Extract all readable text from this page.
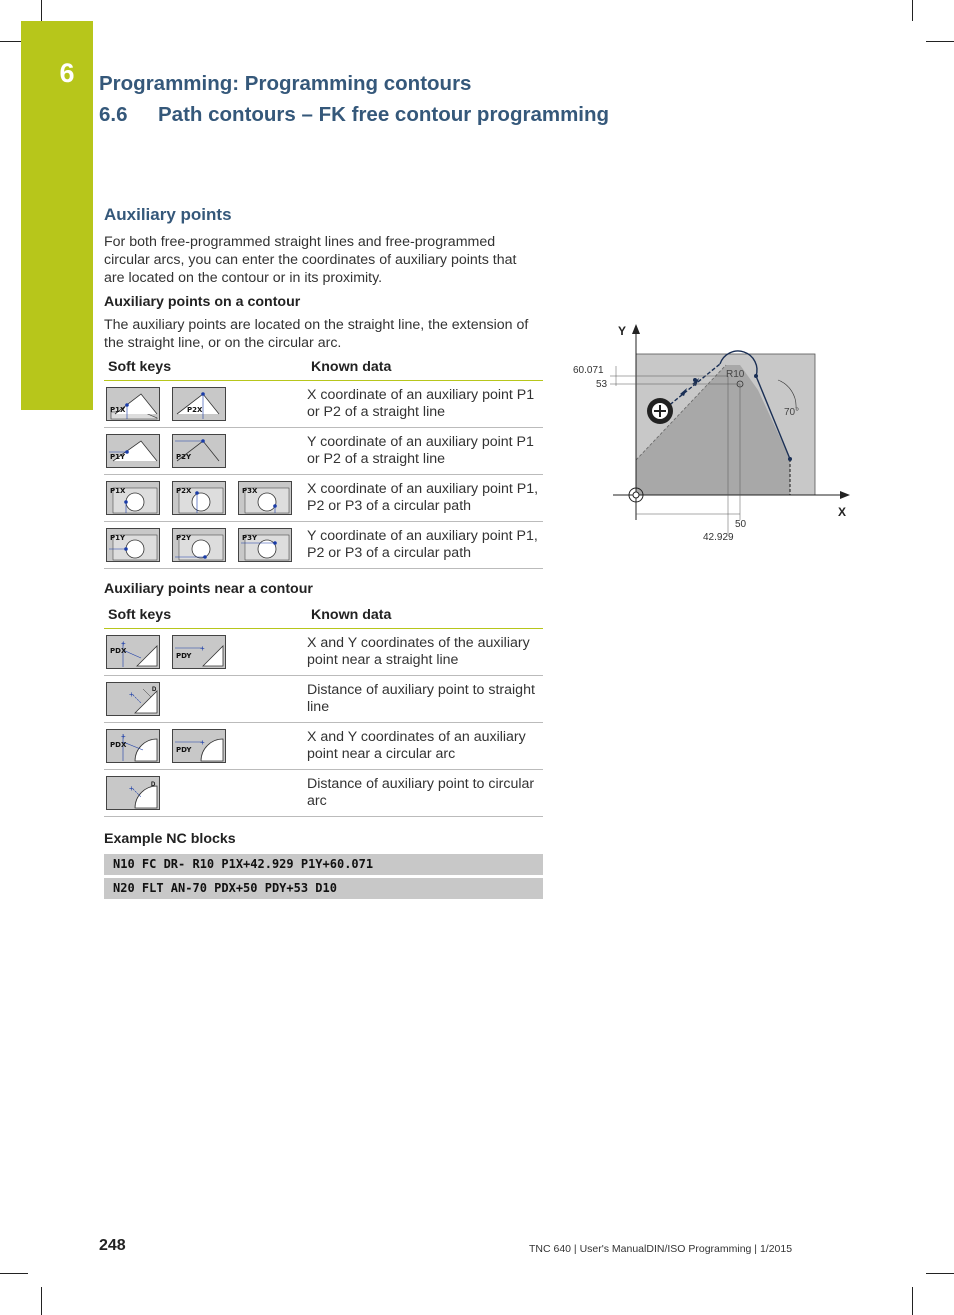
6	Programming: Programming contours
6.6 Path contours – FK free contour programming
Auxiliary points
For both free-programmed straight lines and free-programmed circular arcs, you can enter the coordinates of auxiliary points that are located on the contour or in its proximity.
Auxiliary points on a contour
The auxiliary points are located on the straight line, the extension of the straight line, or on the circular arc.
Soft keys	Known data

P1X P2X	X coordinate of an auxiliary point P1 or P2 of a straight line

P1Y P2Y	Y coordinate of an auxiliary point P1 or P2 of a straight line

P1X P2X P3X	X coordinate of an auxiliary point P1, P2 or P3 of a circular path

P1Y P2Y P3Y	Y coordinate of an auxiliary point P1, P2 or P3 of a circular path
Auxiliary points near a contour
Soft keys	Known data

+
PDX +
PDY	X and Y coordinates of the auxiliary point near a straight line

+ D	Distance of auxiliary point to straight line

+
PDX +
PDY	X and Y coordinates of an auxiliary point near a circular arc

+ D	Distance of auxiliary point to circular arc
Example NC blocks
N10 FC DR- R10 P1X+42.929 P1Y+60.071
N20 FLT AN-70 PDX+50 PDY+53 D10
Y
X
60.071
53
R10
70°
50
42.929
248	TNC 640 | User's ManualDIN/ISO Programming | 1/2015
